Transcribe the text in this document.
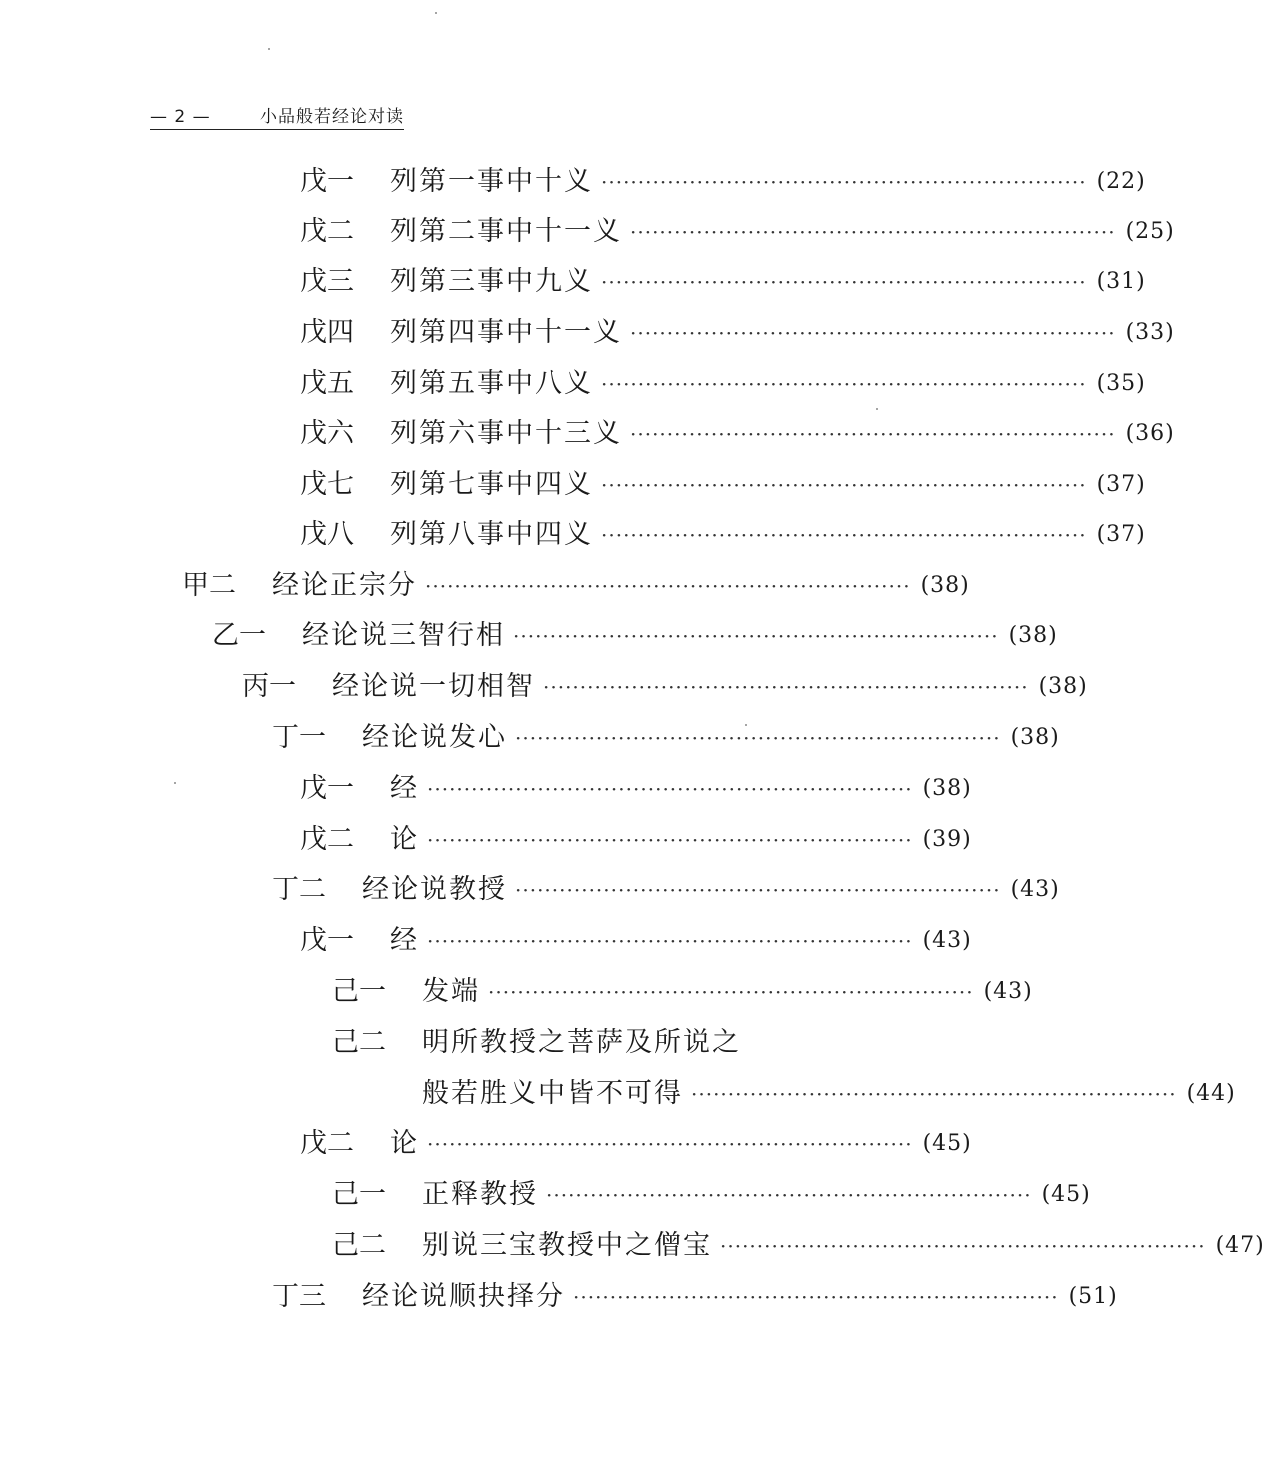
— 2 —	小品般若经论对读
戊一	列第一事中十义 ·································································· (22)
戊二	列第二事中十一义 ·································································· (25)
戊三	列第三事中九义 ·································································· (31)
戊四	列第四事中十一义 ·································································· (33)
戊五	列第五事中八义 ·································································· (35)
戊六	列第六事中十三义 ·································································· (36)
戊七	列第七事中四义 ·································································· (37)
戊八	列第八事中四义 ·································································· (37)
甲二	经论正宗分 ·································································· (38)
乙一	经论说三智行相 ·································································· (38)
丙一	经论说一切相智 ·································································· (38)
丁一	经论说发心 ·································································· (38)
戊一	经 ·································································· (38)
戊二	论 ·································································· (39)
丁二	经论说教授 ·································································· (43)
戊一	经 ·································································· (43)
己一	发端 ·································································· (43)
己二	明所教授之菩萨及所说之
般若胜义中皆不可得 ·································································· (44)
戊二	论 ·································································· (45)
己一	正释教授 ·································································· (45)
己二	别说三宝教授中之僧宝 ·································································· (47)
丁三	经论说顺抉择分 ·································································· (51)
